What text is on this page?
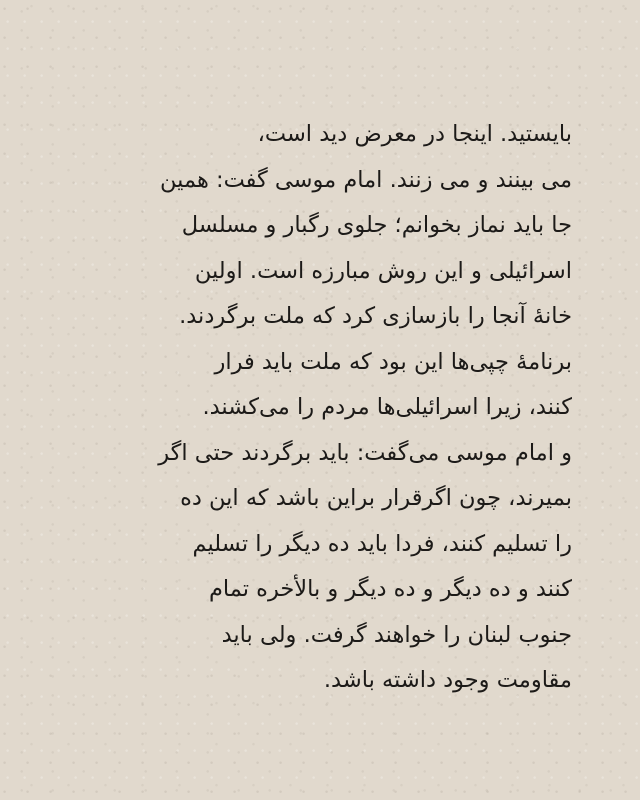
بایستید. اینجا در معرض دید است،
می بینند و می زنند. امام موسی گفت: همین
جا باید نماز بخوانم؛ جلوی رگبار و مسلسل
اسرائیلی و این روش مبارزه است. اولین
خانۀ آنجا را بازسازی کرد که ملت برگردند.
برنامۀ چپی‌ها این بود که ملت باید فرار
کنند، زیرا اسرائیلی‌ها مردم را می‌کشند.
و امام موسی می‌گفت: باید برگردند حتی اگر
بمیرند، چون اگرقرار براین باشد که این ده
را تسلیم کنند، فردا باید ده دیگر را تسلیم
کنند و ده دیگر و ده دیگر و بالأخره تمام
جنوب لبنان را خواهند گرفت. ولی باید
مقاومت وجود داشته باشد.
